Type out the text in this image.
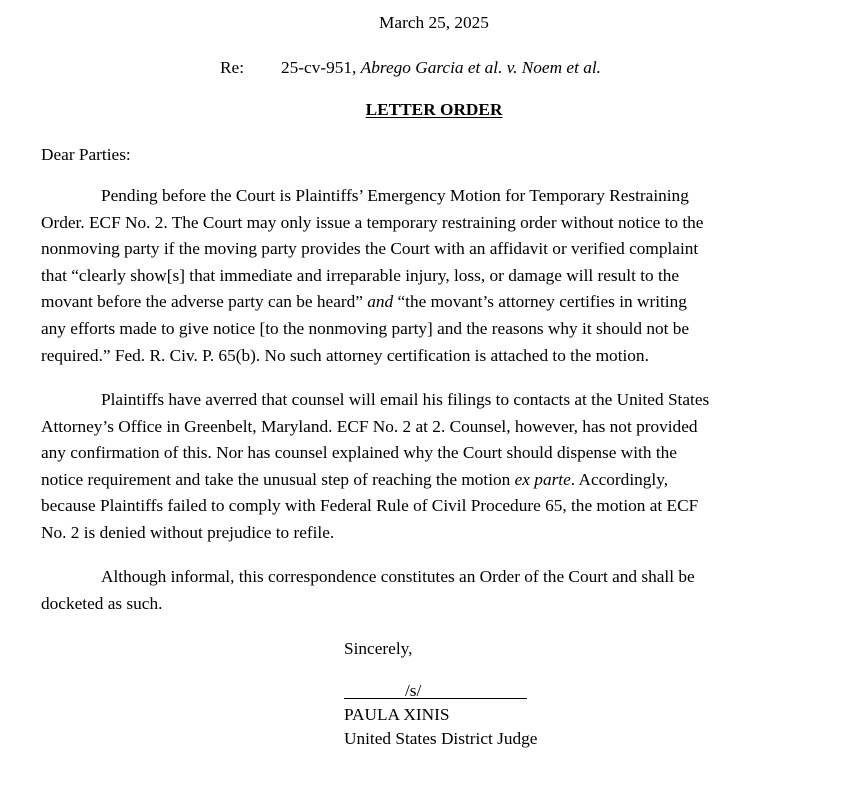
March 25, 2025
Re: 25-cv-951, Abrego Garcia et al. v. Noem et al.
LETTER ORDER
Dear Parties:
Pending before the Court is Plaintiffs’ Emergency Motion for Temporary Restraining
Order. ECF No. 2. The Court may only issue a temporary restraining order without notice to the
nonmoving party if the moving party provides the Court with an affidavit or verified complaint
that “clearly show[s] that immediate and irreparable injury, loss, or damage will result to the
movant before the adverse party can be heard” and “the movant’s attorney certifies in writing
any efforts made to give notice [to the nonmoving party] and the reasons why it should not be
required.” Fed. R. Civ. P. 65(b). No such attorney certification is attached to the motion.
Plaintiffs have averred that counsel will email his filings to contacts at the United States
Attorney’s Office in Greenbelt, Maryland. ECF No. 2 at 2. Counsel, however, has not provided
any confirmation of this. Nor has counsel explained why the Court should dispense with the
notice requirement and take the unusual step of reaching the motion ex parte. Accordingly,
because Plaintiffs failed to comply with Federal Rule of Civil Procedure 65, the motion at ECF
No. 2 is denied without prejudice to refile.
Although informal, this correspondence constitutes an Order of the Court and shall be
docketed as such.
Sincerely,
/s/
PAULA XINIS
United States District Judge
